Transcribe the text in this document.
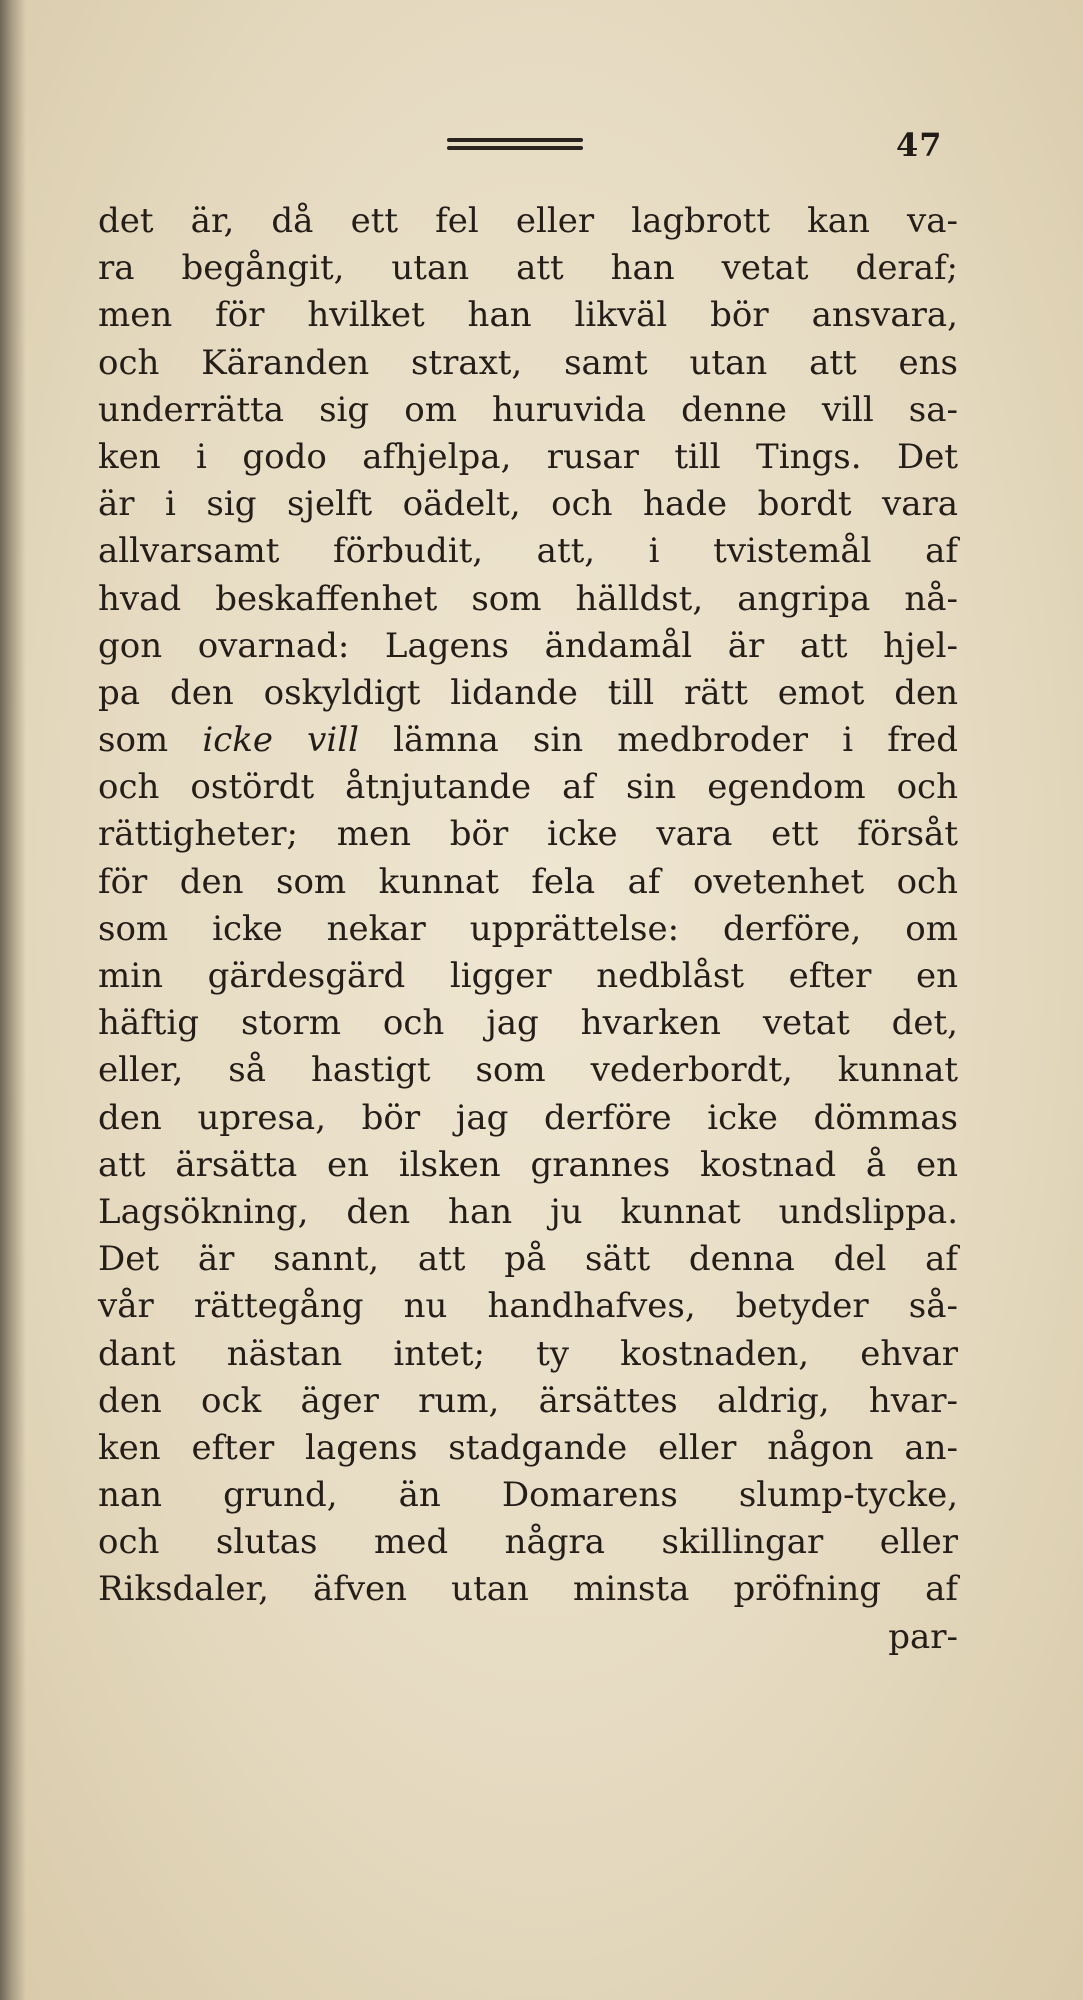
47
det är, då ett fel eller lagbrott kan va-
ra begångit, utan att han vetat deraf;
men för hvilket han likväl bör ansvara,
och Käranden straxt, samt utan att ens
underrätta sig om huruvida denne vill sa-
ken i godo afhjelpa, rusar till Tings. Det
är i sig sjelft oädelt, och hade bordt vara
allvarsamt förbudit, att, i tvistemål af
hvad beskaffenhet som hälldst, angripa nå-
gon ovarnad: Lagens ändamål är att hjel-
pa den oskyldigt lidande till rätt emot den
som icke vill lämna sin medbroder i fred
och ostördt åtnjutande af sin egendom och
rättigheter; men bör icke vara ett försåt
för den som kunnat fela af ovetenhet och
som icke nekar upprättelse: derföre, om
min gärdesgärd ligger nedblåst efter en
häftig storm och jag hvarken vetat det,
eller, så hastigt som vederbordt, kunnat
den upresa, bör jag derföre icke dömmas
att ärsätta en ilsken grannes kostnad å en
Lagsökning, den han ju kunnat undslippa.
Det är sannt, att på sätt denna del af
vår rättegång nu handhafves, betyder så-
dant nästan intet; ty kostnaden, ehvar
den ock äger rum, ärsättes aldrig, hvar-
ken efter lagens stadgande eller någon an-
nan grund, än Domarens slump-tycke,
och slutas med några skillingar eller
Riksdaler, äfven utan minsta pröfning af
par-
